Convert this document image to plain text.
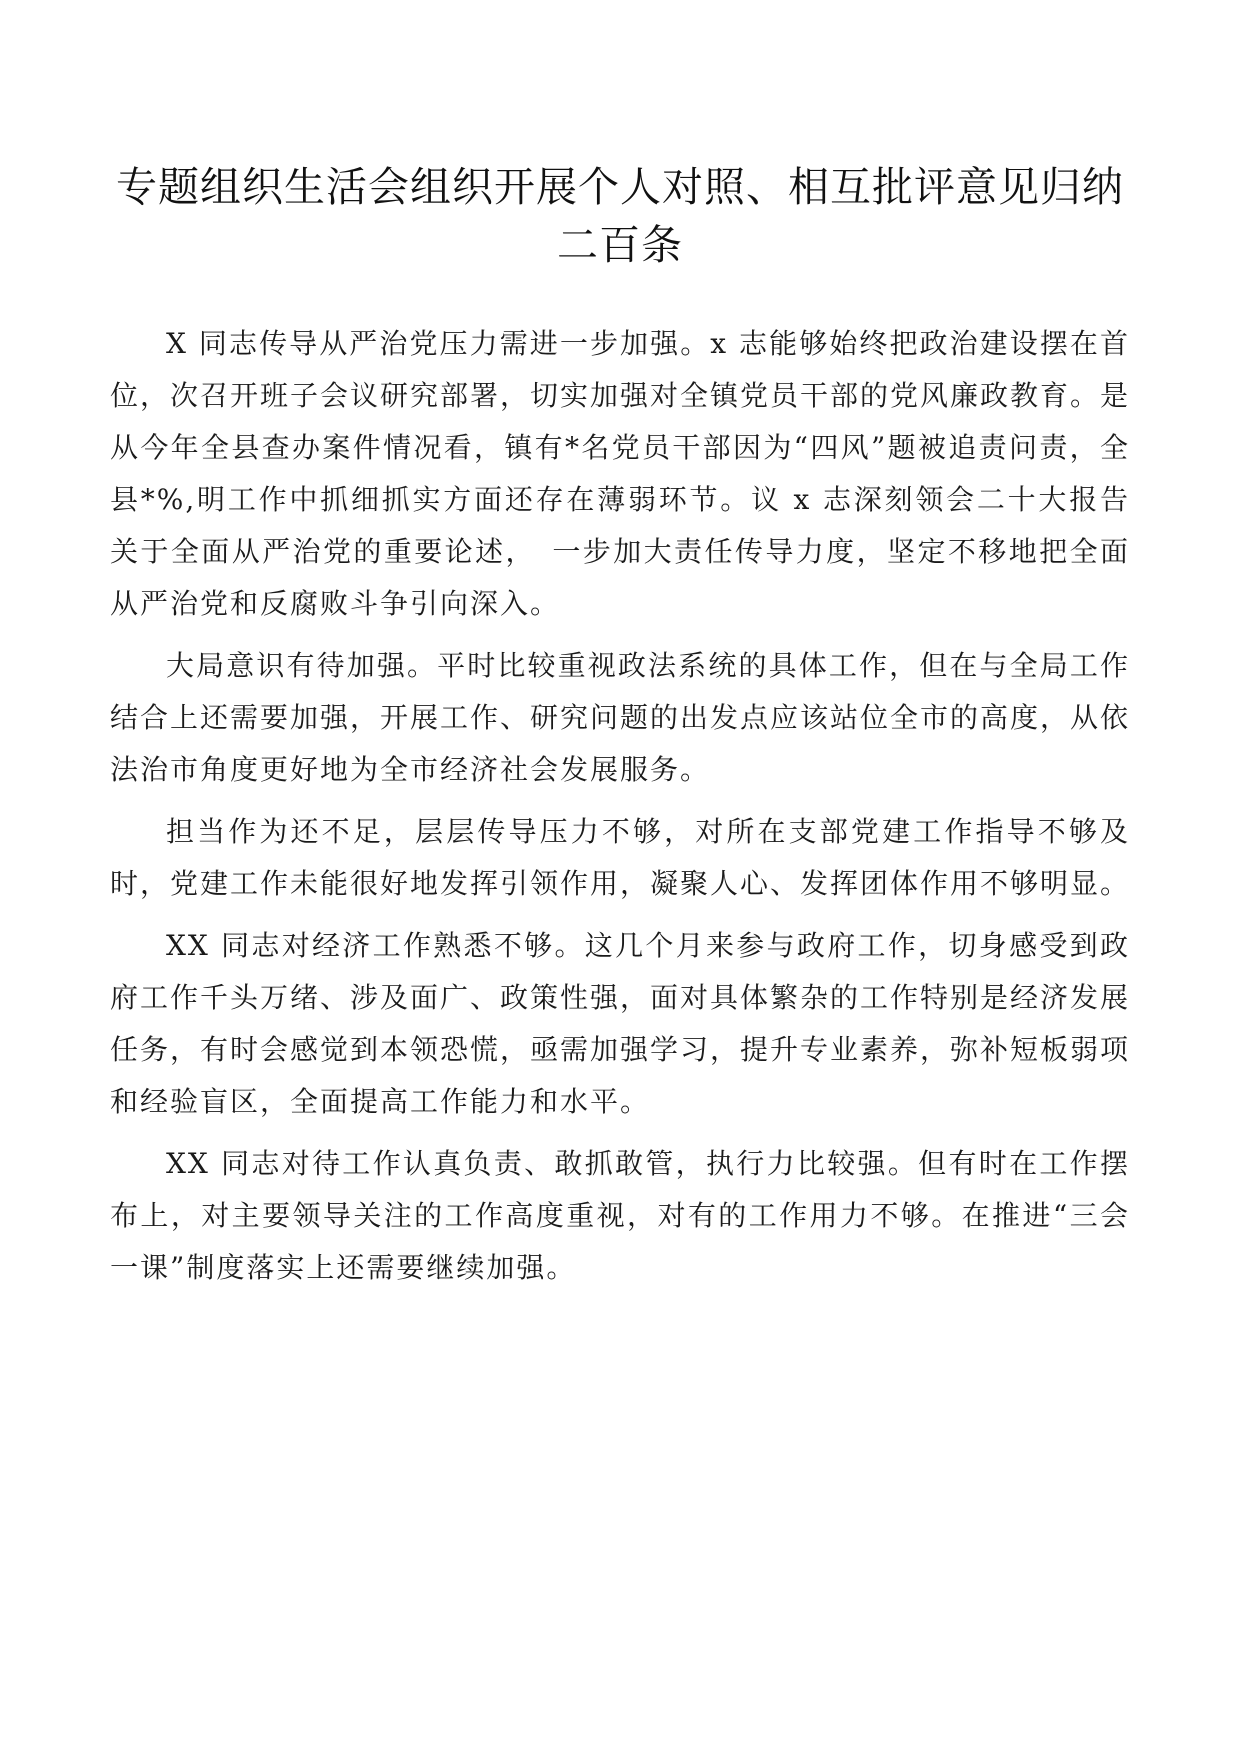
专题组织生活会组织开展个人对照、相互批评意见归纳二百条

X 同志传导从严治党压力需进一步加强。x 志能够始终把政治建设摆在首位，次召开班子会议研究部署，切实加强对全镇党员干部的党风廉政教育。是从今年全县查办案件情况看，镇有*名党员干部因为“四风”题被追责问责，全县*%,明工作中抓细抓实方面还存在薄弱环节。议 x 志深刻领会二十大报告关于全面从严治党的重要论述，　一步加大责任传导力度，坚定不移地把全面从严治党和反腐败斗争引向深入。

大局意识有待加强。平时比较重视政法系统的具体工作，但在与全局工作结合上还需要加强，开展工作、研究问题的出发点应该站位全市的高度，从依法治市角度更好地为全市经济社会发展服务。

担当作为还不足，层层传导压力不够，对所在支部党建工作指导不够及时，党建工作未能很好地发挥引领作用，凝聚人心、发挥团体作用不够明显。

XX 同志对经济工作熟悉不够。这几个月来参与政府工作，切身感受到政府工作千头万绪、涉及面广、政策性强，面对具体繁杂的工作特别是经济发展任务，有时会感觉到本领恐慌，亟需加强学习，提升专业素养，弥补短板弱项和经验盲区，全面提高工作能力和水平。

XX 同志对待工作认真负责、敢抓敢管，执行力比较强。但有时在工作摆布上，对主要领导关注的工作高度重视，对有的工作用力不够。在推进“三会一课”制度落实上还需要继续加强。
